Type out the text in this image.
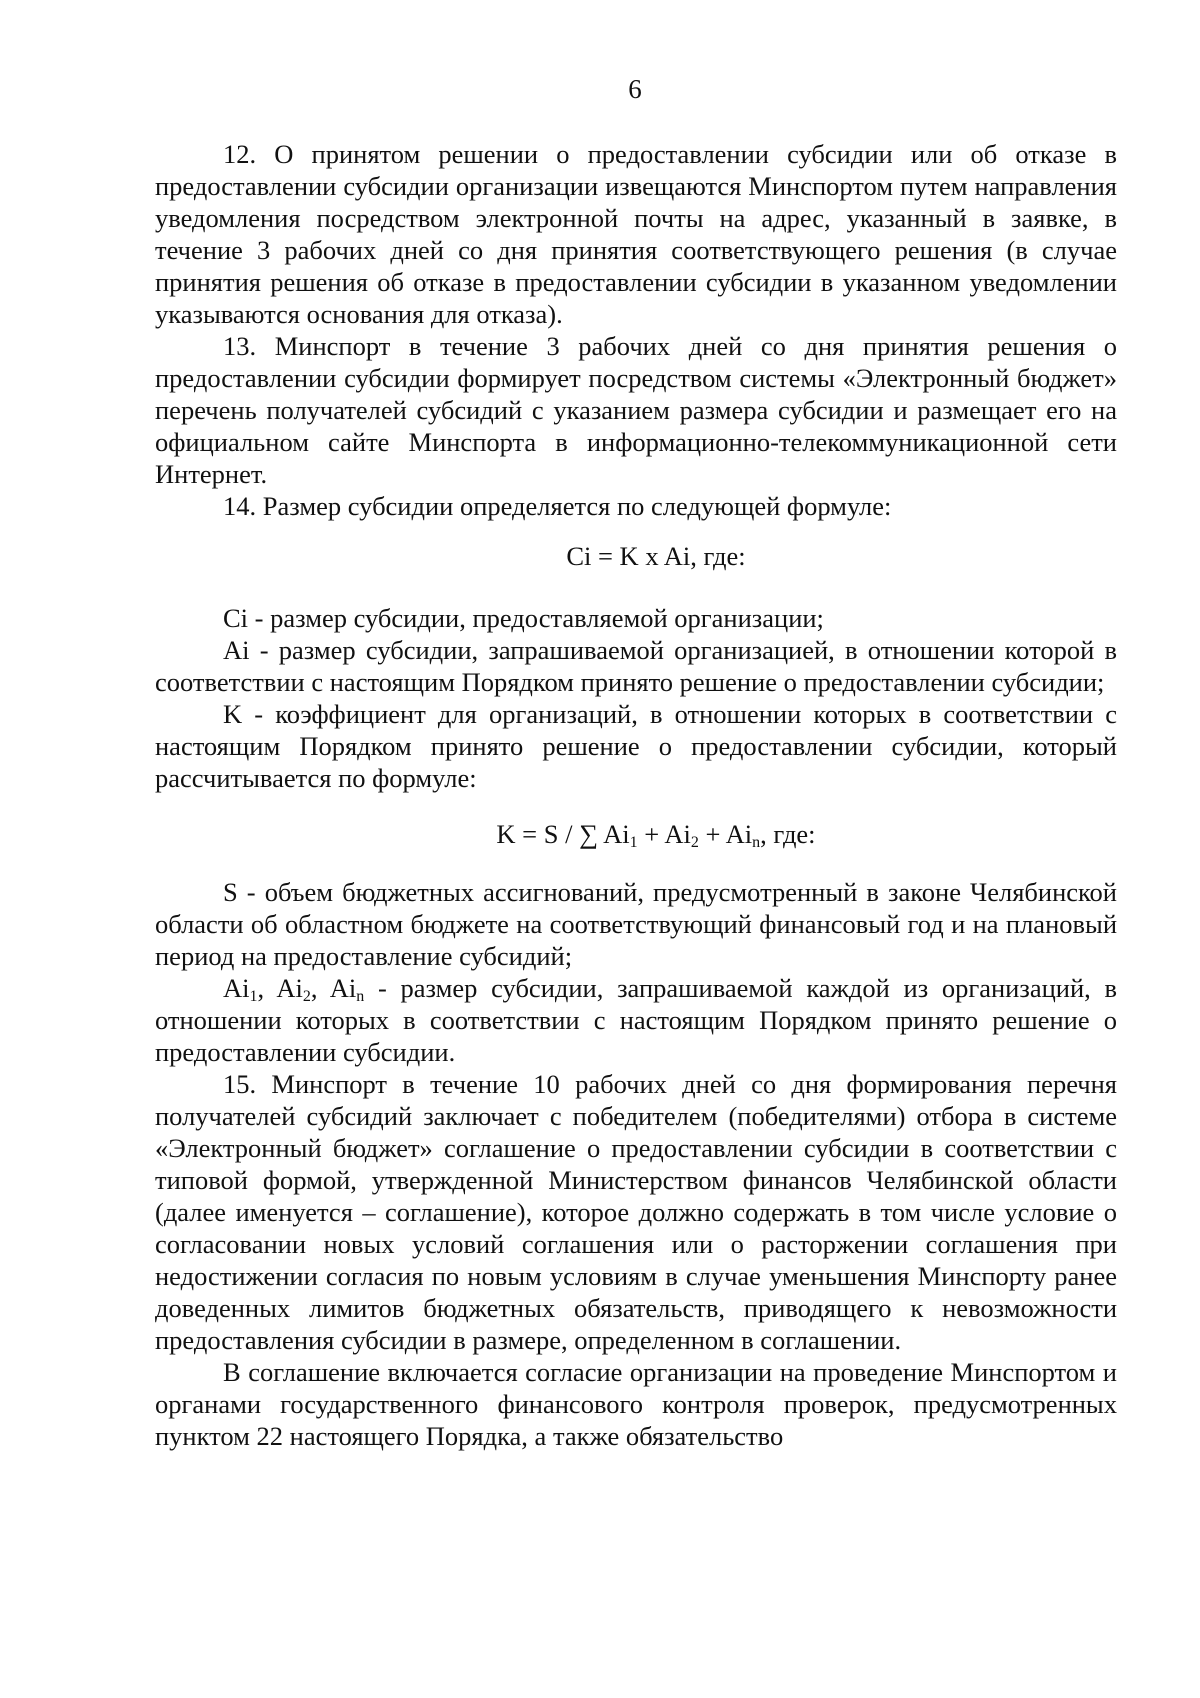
6

12. О принятом решении о предоставлении субсидии или об отказе в предоставлении субсидии организации извещаются Минспортом путем направления уведомления посредством электронной почты на адрес, указанный в заявке, в течение 3 рабочих дней со дня принятия соответствующего решения (в случае принятия решения об отказе в предоставлении субсидии в указанном уведомлении указываются основания для отказа).

13. Минспорт в течение 3 рабочих дней со дня принятия решения о предоставлении субсидии формирует посредством системы «Электронный бюджет» перечень получателей субсидий с указанием размера субсидии и размещает его на официальном сайте Минспорта в информационно-телекоммуникационной сети Интернет.

14. Размер субсидии определяется по следующей формуле:

Ci = K x Ai, где:

Ci - размер субсидии, предоставляемой организации;

Ai - размер субсидии, запрашиваемой организацией, в отношении которой в соответствии с настоящим Порядком принято решение о предоставлении субсидии;

K - коэффициент для организаций, в отношении которых в соответствии с настоящим Порядком принято решение о предоставлении субсидии, который рассчитывается по формуле:

K = S / ∑ $Ai_1 + Ai_2 + Ai_n$, где:

S - объем бюджетных ассигнований, предусмотренный в законе Челябинской области об областном бюджете на соответствующий финансовый год и на плановый период на предоставление субсидий;

$Ai_1$, $Ai_2$, $Ai_n$ - размер субсидии, запрашиваемой каждой из организаций, в отношении которых в соответствии с настоящим Порядком принято решение о предоставлении субсидии.

15. Минспорт в течение 10 рабочих дней со дня формирования перечня получателей субсидий заключает с победителем (победителями) отбора в системе «Электронный бюджет» соглашение о предоставлении субсидии в соответствии с типовой формой, утвержденной Министерством финансов Челябинской области (далее именуется – соглашение), которое должно содержать в том числе условие о согласовании новых условий соглашения или о расторжении соглашения при недостижении согласия по новым условиям в случае уменьшения Минспорту ранее доведенных лимитов бюджетных обязательств, приводящего к невозможности предоставления субсидии в размере, определенном в соглашении.

В соглашение включается согласие организации на проведение Минспортом и органами государственного финансового контроля проверок, предусмотренных пунктом 22 настоящего Порядка, а также обязательство
